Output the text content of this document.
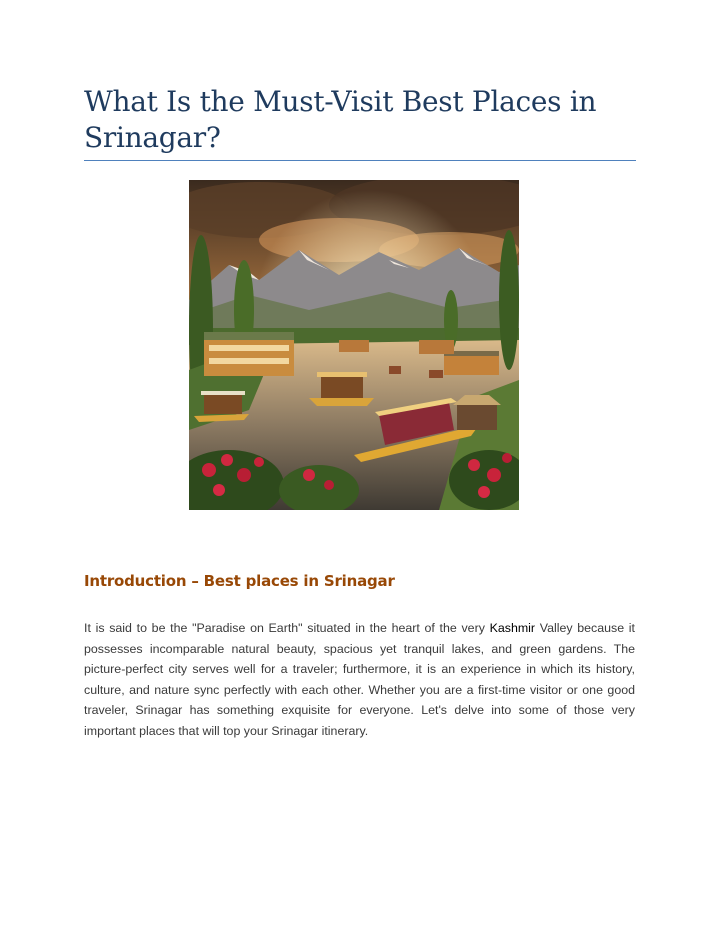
What Is the Must-Visit Best Places in Srinagar?
Introduction – Best places in Srinagar

It is said to be the "Paradise on Earth" situated in the heart of the very Kashmir Valley because it possesses incomparable natural beauty, spacious yet tranquil lakes, and green gardens. The picture-perfect city serves well for a traveler; furthermore, it is an experience in which its history, culture, and nature sync perfectly with each other. Whether you are a first-time visitor or one good traveler, Srinagar has something exquisite for everyone. Let's delve into some of those very important places that will top your Srinagar itinerary.
